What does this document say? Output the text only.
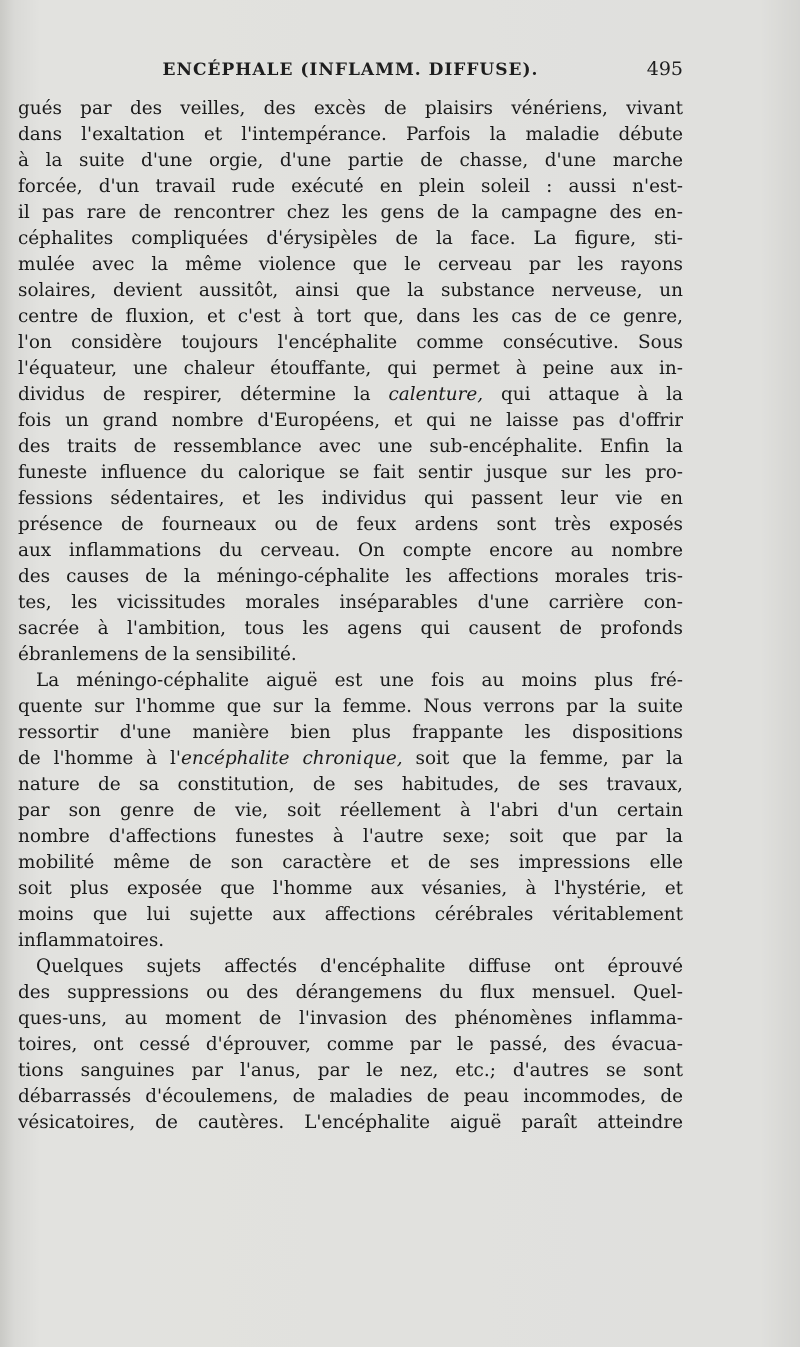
ENCÉPHALE (INFLAMM. DIFFUSE).	495
gués par des veilles, des excès de plaisirs vénériens, vivant
dans l'exaltation et l'intempérance. Parfois la maladie débute
à la suite d'une orgie, d'une partie de chasse, d'une marche
forcée, d'un travail rude exécuté en plein soleil : aussi n'est-
il pas rare de rencontrer chez les gens de la campagne des en-
céphalites compliquées d'érysipèles de la face. La figure, sti-
mulée avec la même violence que le cerveau par les rayons
solaires, devient aussitôt, ainsi que la substance nerveuse, un
centre de fluxion, et c'est à tort que, dans les cas de ce genre,
l'on considère toujours l'encéphalite comme consécutive. Sous
l'équateur, une chaleur étouffante, qui permet à peine aux in-
dividus de respirer, détermine la calenture, qui attaque à la
fois un grand nombre d'Européens, et qui ne laisse pas d'offrir
des traits de ressemblance avec une sub-encéphalite. Enfin la
funeste influence du calorique se fait sentir jusque sur les pro-
fessions sédentaires, et les individus qui passent leur vie en
présence de fourneaux ou de feux ardens sont très exposés
aux inflammations du cerveau. On compte encore au nombre
des causes de la méningo-céphalite les affections morales tris-
tes, les vicissitudes morales inséparables d'une carrière con-
sacrée à l'ambition, tous les agens qui causent de profonds
ébranlemens de la sensibilité.
La méningo-céphalite aiguë est une fois au moins plus fré-
quente sur l'homme que sur la femme. Nous verrons par la suite
ressortir d'une manière bien plus frappante les dispositions
de l'homme à l'encéphalite chronique, soit que la femme, par la
nature de sa constitution, de ses habitudes, de ses travaux,
par son genre de vie, soit réellement à l'abri d'un certain
nombre d'affections funestes à l'autre sexe; soit que par la
mobilité même de son caractère et de ses impressions elle
soit plus exposée que l'homme aux vésanies, à l'hystérie, et
moins que lui sujette aux affections cérébrales véritablement
inflammatoires.
Quelques sujets affectés d'encéphalite diffuse ont éprouvé
des suppressions ou des dérangemens du flux mensuel. Quel-
ques-uns, au moment de l'invasion des phénomènes inflamma-
toires, ont cessé d'éprouver, comme par le passé, des évacua-
tions sanguines par l'anus, par le nez, etc.; d'autres se sont
débarrassés d'écoulemens, de maladies de peau incommodes, de
vésicatoires, de cautères. L'encéphalite aiguë paraît atteindre
